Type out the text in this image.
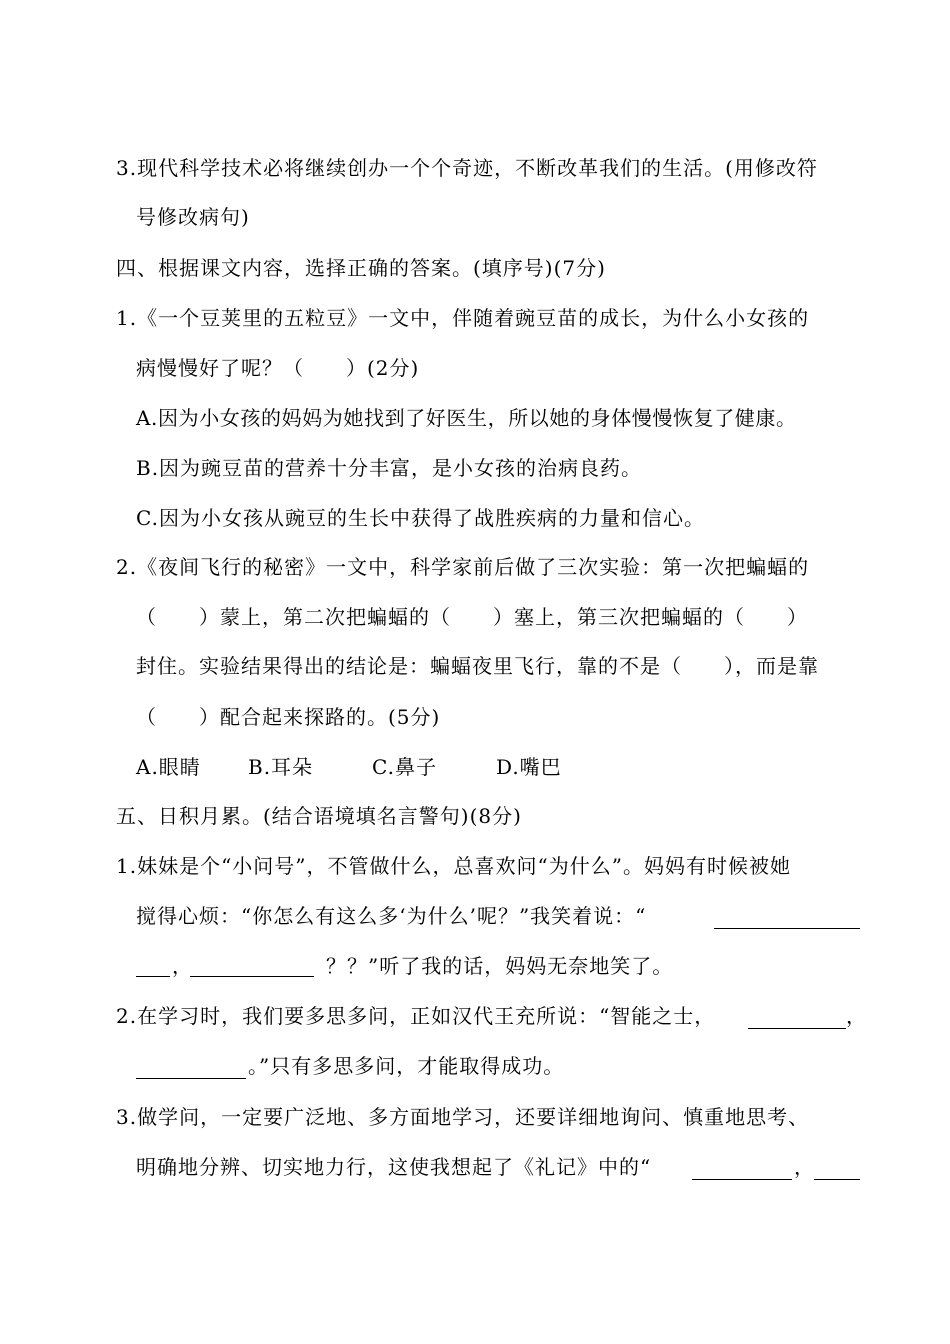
3.现代科学技术必将继续创办一个个奇迹，不断改革我们的生活。(用修改符
号修改病句)
四、根据课文内容，选择正确的答案。(填序号)(7分)
1.《一个豆荚里的五粒豆》一文中，伴随着豌豆苗的成长，为什么小女孩的
病慢慢好了呢？（　　）(2分)
A.因为小女孩的妈妈为她找到了好医生，所以她的身体慢慢恢复了健康。
B.因为豌豆苗的营养十分丰富，是小女孩的治病良药。
C.因为小女孩从豌豆的生长中获得了战胜疾病的力量和信心。
2.《夜间飞行的秘密》一文中，科学家前后做了三次实验：第一次把蝙蝠的
（　　）蒙上，第二次把蝙蝠的（　　）塞上，第三次把蝙蝠的（　　）
封住。实验结果得出的结论是：蝙蝠夜里飞行，靠的不是（　　），而是靠
（　　）配合起来探路的。(5分)
A.眼睛 B.耳朵	C.鼻子	D.嘴巴
五、日积月累。(结合语境填名言警句)(8分)
1.妹妹是个“小问号”，不管做什么，总喜欢问“为什么”。妈妈有时候被她
搅得心烦：“你怎么有这么多‘为什么’呢？”我笑着说：“
，	？？”听了我的话，妈妈无奈地笑了。
2.在学习时，我们要多思多问，正如汉代王充所说：“智能之士，	，
。”只有多思多问，才能取得成功。
3.做学问，一定要广泛地、多方面地学习，还要详细地询问、慎重地思考、
明确地分辨、切实地力行，这使我想起了《礼记》中的“	，
